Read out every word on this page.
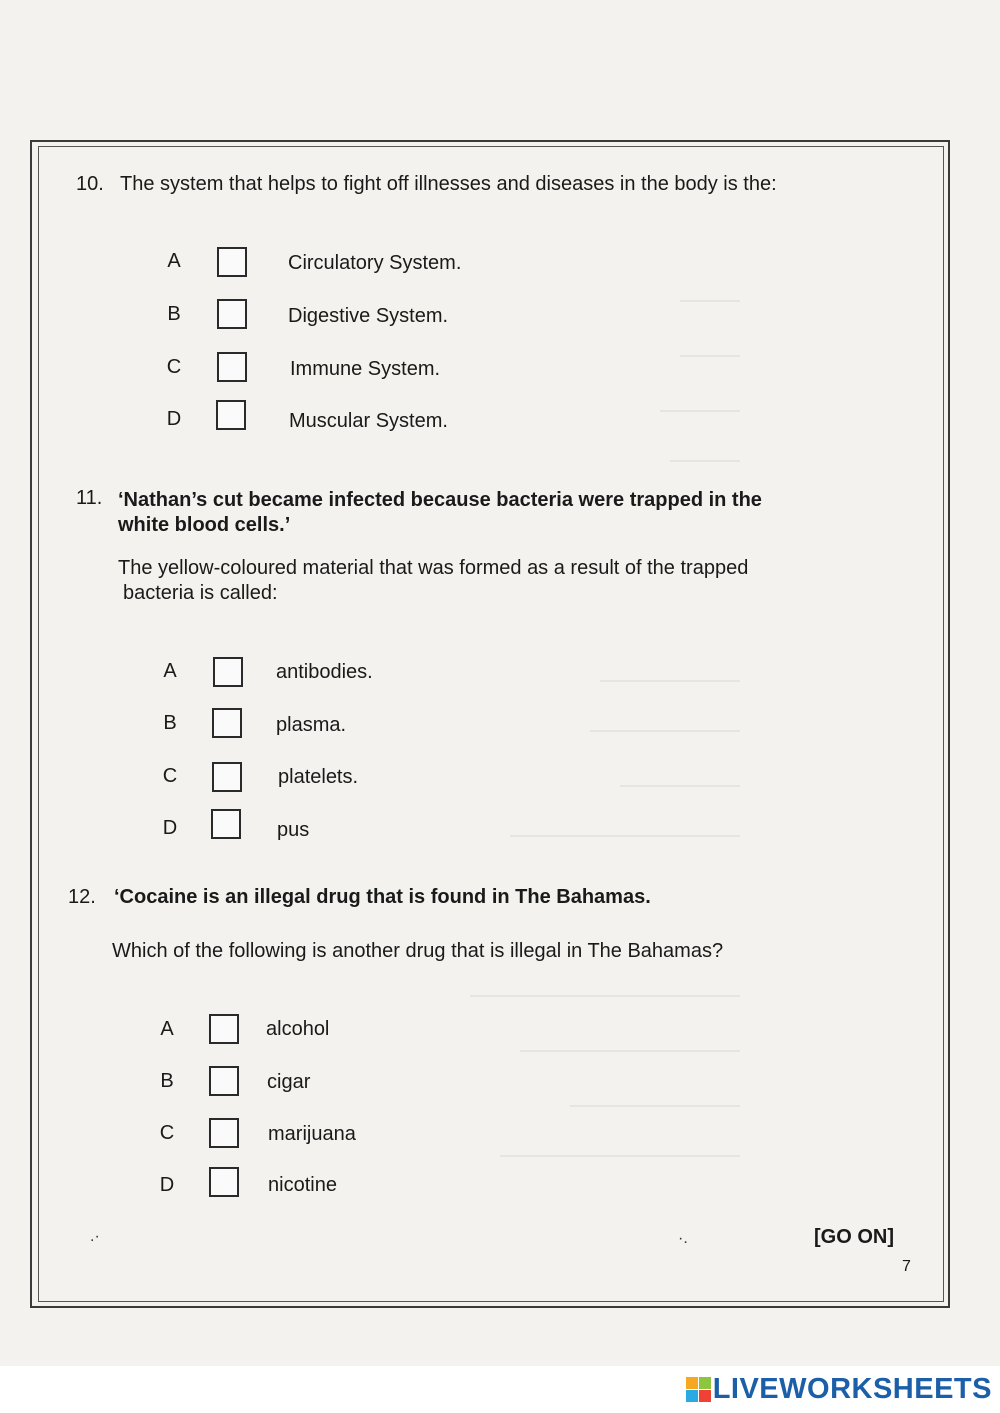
10. The system that helps to fight off illnesses and diseases in the body is the:
A	Circulatory System.
B	Digestive System.
C	Immune System.
D	Muscular System.
11. ‘Nathan’s cut became infected because bacteria were trapped in the
white blood cells.’
The yellow-coloured material that was formed as a result of the trapped
bacteria is called:
A	antibodies.
B	plasma.
C	platelets.
D	pus
12. ‘Cocaine is an illegal drug that is found in The Bahamas.
Which of the following is another drug that is illegal in The Bahamas?
A	alcohol
B	cigar
C	marijuana
D	nicotine
.·	·.	[GO ON]
7
LIVEWORKSHEETS
